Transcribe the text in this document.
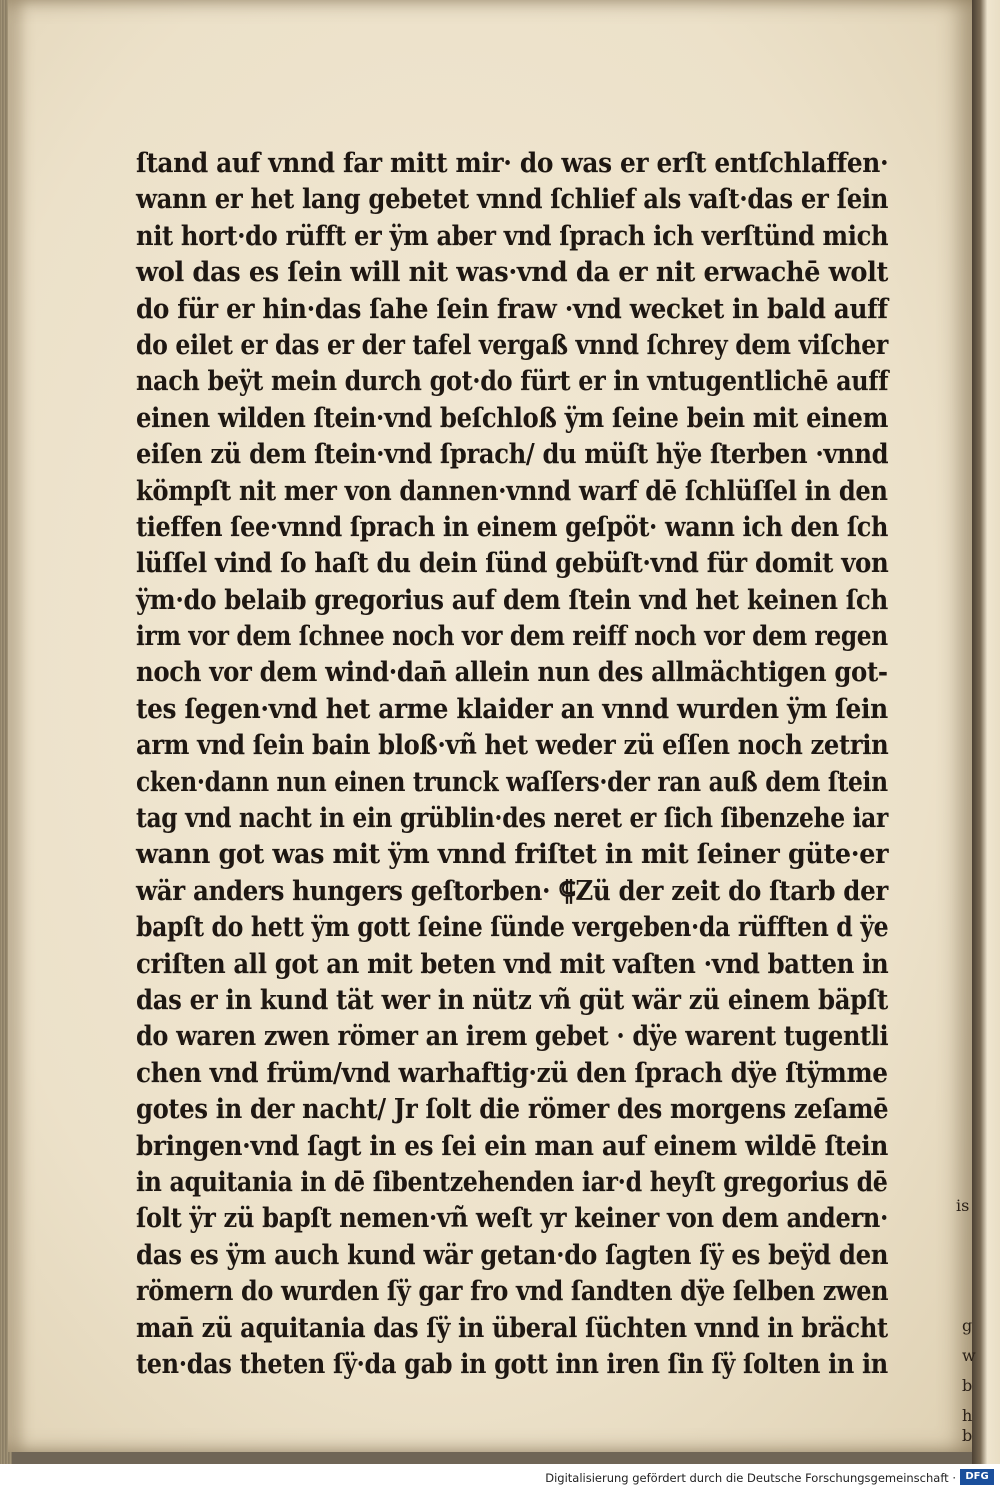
ſtand auf vnnd far mitt mir· do was er erſt entſchlaffen·
wann er het lang gebetet vnnd ſchlief als vaſt·das er ſein
nit hort·do rüfft er ÿm aber vnd ſprach ich verſtünd mich
wol das es ſein will nit was·vnd da er nit erwachē wolt
do für er hin·das ſahe ſein fraw ·vnd wecket in bald auff
do eilet er das er der tafel vergaß vnnd ſchrey dem viſcher
nach beÿt mein durch got·do fürt er in vntugentlichē auff
einen wilden ſtein·vnd beſchloß ÿm ſeine bein mit einem
eiſen zü dem ſtein·vnd ſprach/ du müſt hÿe ſterben ·vnnd
kömpſt nit mer von dannen·vnnd warf dē ſchlüſſel in den
tieffen ſee·vnnd ſprach in einem geſpöt· wann ich den ſch
lüſſel vind ſo haſt du dein ſünd gebüſt·vnd für domit von
ÿm·do belaib gregorius auf dem ſtein vnd het keinen ſch
irm vor dem ſchnee noch vor dem reiff noch vor dem regen
noch vor dem wind·dan̄ allein nun des allmächtigen got-
tes ſegen·vnd het arme klaider an vnnd wurden ÿm ſein
arm vnd ſein bain bloß·vñ het weder zü eſſen noch zetrin
cken·dann nun einen trunck waſſers·der ran auß dem ſtein
tag vnd nacht in ein grüblin·des neret er ſich ſibenzehe iar
wann got was mit ÿm vnnd friſtet in mit ſeiner güte·er
wär anders hungers geſtorben· ⸿Zü der zeit do ſtarb der
bapſt do hett ÿm gott ſeine ſünde vergeben·da rüfften d ÿe
criſten all got an mit beten vnd mit vaſten ·vnd batten in
das er in kund tät wer in nütz vñ güt wär zü einem bäpſt
do waren zwen römer an irem gebet · dÿe warent tugentli
chen vnd früm/vnd warhaftig·zü den ſprach dÿe ſtÿmme
gotes in der nacht/ Jr ſolt die römer des morgens zeſamē
bringen·vnd ſagt in es ſei ein man auf einem wildē ſtein
in aquitania in dē ſibentzehenden iar·d heyſt gregorius dē
ſolt ÿr zü bapſt nemen·vñ weſt yr keiner von dem andern·
das es ÿm auch kund wär getan·do ſagten ſÿ es beÿd den
römern do wurden ſÿ gar fro vnd ſandten dÿe ſelben zwen
man̄ zü aquitania das ſÿ in überal ſüchten vnnd in brächt
ten·das theten ſÿ·da gab in gott inn iren ſin ſÿ ſolten in in
is
g
w
b
h
b
Digitalisierung gefördert durch die Deutsche Forschungsgemeinschaft · DFG
